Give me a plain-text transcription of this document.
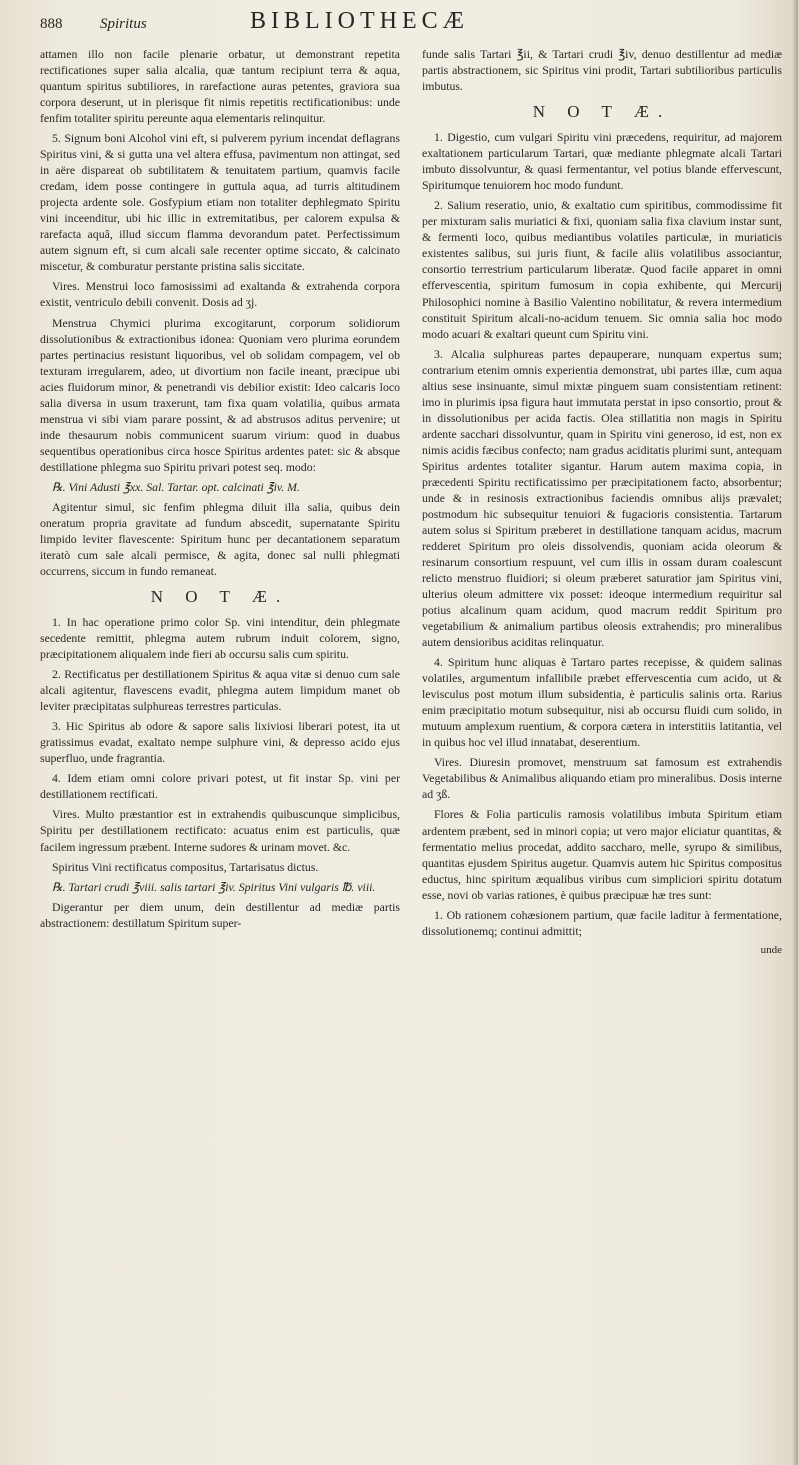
888	Spiritus	BIBLIOTHECÆ

attamen illo non facile plenarie orbatur, ut demonstrant repetita rectificationes super salia alcalia, quæ tantum recipiunt terra & aqua, quantum spiritus subtiliores, in rarefactione auras petentes, graviora sua corpora deserunt, ut in plerisque fit nimis repetitis rectificationibus: unde fenfim totaliter spiritu pereunte aqua elementaris relinquitur.

5. Signum boni Alcohol vini eft, si pulverem pyrium incendat deflagrans Spiritus vini, & si gutta una vel altera effusa, pavimentum non attingat, sed in aëre dispareat ob subtilitatem & tenuitatem partium, quamvis facile credam, idem posse contingere in guttula aqua, ad turris altitudinem projecta ardente sole. Gosfypium etiam non totaliter dephlegmato Spiritu vini inceenditur, ubi hic illic in extremitatibus, per calorem expulsa & rarefacta aquâ, illud siccum flamma devorandum patet. Perfectissimum autem signum eft, si cum alcali sale recenter optime siccato, & calcinato miscetur, & comburatur perstante pristina salis siccitate.

Vires. Menstrui loco famosissimi ad exaltanda & extrahenda corpora existit, ventriculo debili convenit. Dosis ad ʒj.

Menstrua Chymici plurima excogitarunt, corporum solidiorum dissolutionibus & extractionibus idonea: Quoniam vero plurima eorundem partes pertinacius resistunt liquoribus, vel ob solidam compagem, vel ob texturam irregularem, adeo, ut divortium non facile ineant, præcipue ubi acies fluidorum minor, & penetrandi vis debilior existit: Ideo calcaris loco salia diversa in usum traxerunt, tam fixa quam volatilia, quibus armata menstrua vi sibi viam parare possint, & ad abstrusos aditus pervenire; ut inde thesaurum nobis communicent suarum virium: quod in duabus sequentibus operationibus circa hosce Spiritus ardentes patet: sic & absque destillatione phlegma suo Spiritu privari potest seq. modo:

℞. Vini Adusti ℥xx. Sal. Tartar. opt. calcinati ℥iv. M.

Agitentur simul, sic fenfim phlegma diluit illa salia, quibus dein oneratum propria gravitate ad fundum abscedit, supernatante Spiritu limpido leviter flavescente: Spiritum hunc per decantationem separatum iteratò cum sale alcali permisce, & agita, donec sal nulli phlegmati occurrens, siccum in fundo remaneat.

N O T Æ.

1. In hac operatione primo color Sp. vini intenditur, dein phlegmate secedente remittit, phlegma autem rubrum induit colorem, signo, præcipitationem aliqualem inde fieri ab occursu salis cum spiritu.

2. Rectificatus per destillationem Spiritus & aqua vitæ si denuo cum sale alcali agitentur, flavescens evadit, phlegma autem limpidum manet ob leviter præcipitatas sulphureas terrestres particulas.

3. Hic Spiritus ab odore & sapore salis lixiviosi liberari potest, ita ut gratissimus evadat, exaltato nempe sulphure vini, & depresso acido ejus superfluo, unde fragrantia.

4. Idem etiam omni colore privari potest, ut fit instar Sp. vini per destillationem rectificati.

Vires. Multo præstantior est in extrahendis quibuscunque simplicibus, Spiritu per destillationem rectificato: acuatus enim est particulis, quæ facilem ingressum præbent. Interne sudores & urinam movet. &c.

Spiritus Vini rectificatus compositus, Tartarisatus dictus.

℞. Tartari crudi ℥viii. salis tartari ℥iv. Spiritus Vini vulgaris ℔. viii.

Digerantur per diem unum, dein destillentur ad mediæ partis abstractionem: destillatum Spiritum super-

funde salis Tartari ℥ii, & Tartari crudi ℥iv, denuo destillentur ad mediæ partis abstractionem, sic Spiritus vini prodit, Tartari subtilioribus particulis imbutus.

N O T Æ.

1. Digestio, cum vulgari Spiritu vini præcedens, requiritur, ad majorem exaltationem particularum Tartari, quæ mediante phlegmate alcali Tartari imbuto dissolvuntur, & quasi fermentantur, vel potius blande effervescunt, Spiritumque tenuiorem hoc modo fundunt.

2. Salium reseratio, unio, & exaltatio cum spiritibus, commodissime fit per mixturam salis muriatici & fixi, quoniam salia fixa clavium instar sunt, & fermenti loco, quibus mediantibus volatiles particulæ, in muriaticis existentes salibus, sui juris fiunt, & facile aliis volatilibus associantur, consortio terrestrium particularum liberatæ. Quod facile apparet in omni effervescentia, spiritum fumosum in copia exhibente, qui Mercurij Philosophici nomine à Basilio Valentino nobilitatur, & revera intermedium constituit Spiritum alcali-no-acidum tenuem. Sic omnia salia hoc modo modo acuari & exaltari queunt cum Spiritu vini.

3. Alcalia sulphureas partes depauperare, nunquam expertus sum; contrarium etenim omnis experientia demonstrat, ubi partes illæ, cum aqua altius sese insinuante, simul mixtæ pinguem suam consistentiam retinent: imo in plurimis ipsa figura haut immutata perstat in ipso consortio, prout & in dissolutionibus per acida factis. Olea stillatitia non magis in Spiritu ardente sacchari dissolvuntur, quam in Spiritu vini generoso, id est, non ex nimis acidis fæcibus confecto; nam gradus aciditatis plurimi sunt, antequam Spiritus ardentes totaliter sigantur. Harum autem maxima copia, in præcedenti Spiritu rectificatissimo per præcipitationem facto, absorbentur; unde & in resinosis extractionibus faciendis omnibus alijs prævalet; postmodum hic subsequitur tenuiori & fugacioris consistentia. Tartarum autem solus si Spiritum præberet in destillatione tanquam acidus, macrum redderet Spiritum pro oleis dissolvendis, quoniam acida oleorum & resinarum consortium respuunt, vel cum illis in ossam duram coalescunt relicto menstruo fluidiori; si oleum præberet saturatior jam Spiritus vini, ulterius oleum admittere vix posset: ideoque intermedium requiritur sal potius alcalinum quam acidum, quod macrum reddit Spiritum pro vegetabilium & animalium partibus oleosis extrahendis; pro mineralibus autem densioribus aciditas relinquatur.

4. Spiritum hunc aliquas è Tartaro partes recepisse, & quidem salinas volatiles, argumentum infallibile præbet effervescentia cum acido, ut & levisculus post motum illum subsidentia, è particulis salinis orta. Rarius enim præcipitatio motum subsequitur, nisi ab occursu fluidi cum solido, in mutuum amplexum ruentium, & corpora cætera in interstitiis latitantia, vel in quibus hoc vel illud innatabat, deserentium.

Vires. Diuresin promovet, menstruum sat famosum est extrahendis Vegetabilibus & Animalibus aliquando etiam pro mineralibus. Dosis interne ad ʒß.

Flores & Folia particulis ramosis volatilibus imbuta Spiritum etiam ardentem præbent, sed in minori copia; ut vero major eliciatur quantitas, & fermentatio melius procedat, addito saccharo, melle, syrupo & similibus, quantitas ejusdem Spiritus augetur. Quamvis autem hic Spiritus compositus eductus, hinc spiritum æqualibus viribus cum simpliciori spiritu dotatum esse, novi ob varias rationes, è quibus præcipuæ hæ tres sunt:

1. Ob rationem cohæsionem partium, quæ facile laditur à fermentatione, dissolutionemq; continui admittit;

unde
